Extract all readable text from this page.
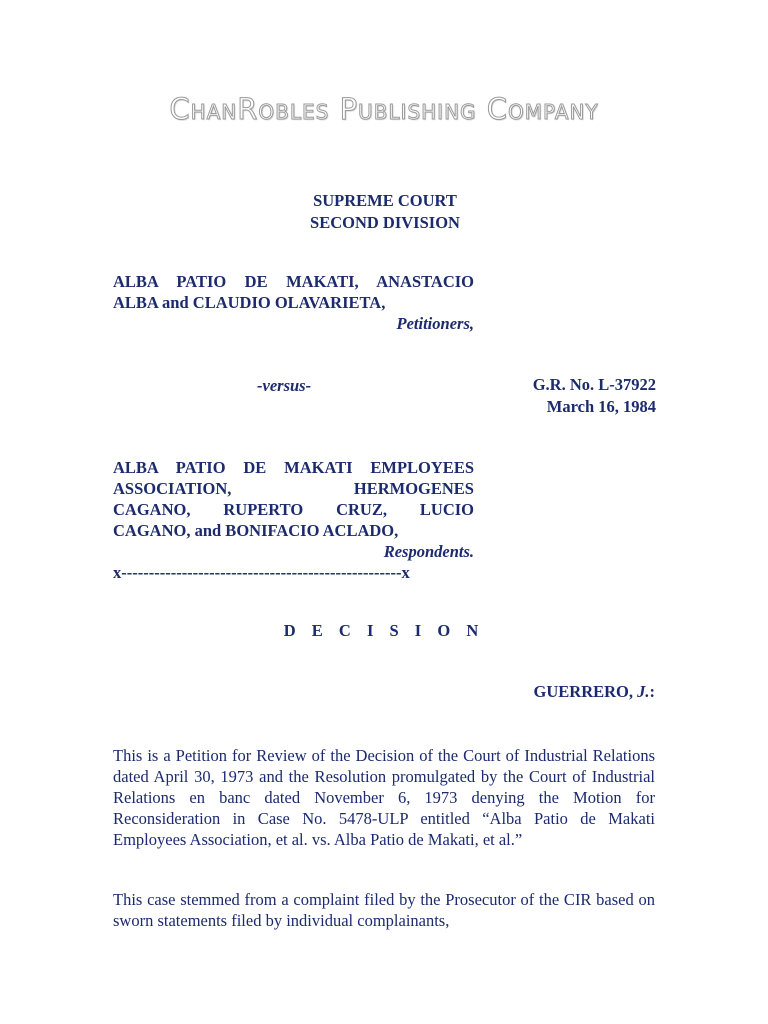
ChanRobles Publishing Company
SUPREME COURT
SECOND DIVISION
ALBA PATIO DE MAKATI, ANASTACIO
ALBA and CLAUDIO OLAVARIETA,
Petitioners,
-versus-	G.R. No. L-37922
March 16, 1984
ALBA PATIO DE MAKATI EMPLOYEES
ASSOCIATION, HERMOGENES
CAGANO, RUPERTO CRUZ, LUCIO
CAGANO, and BONIFACIO ACLADO,
Respondents.
x---------------------------------------------------x
D E C I S I O N
GUERRERO, J.:
This is a Petition for Review of the Decision of the Court of Industrial Relations dated April 30, 1973 and the Resolution promulgated by the Court of Industrial Relations en banc dated November 6, 1973 denying the Motion for Reconsideration in Case No. 5478-ULP entitled “Alba Patio de Makati Employees Association, et al. vs. Alba Patio de Makati, et al.”
This case stemmed from a complaint filed by the Prosecutor of the CIR based on sworn statements filed by individual complainants,
